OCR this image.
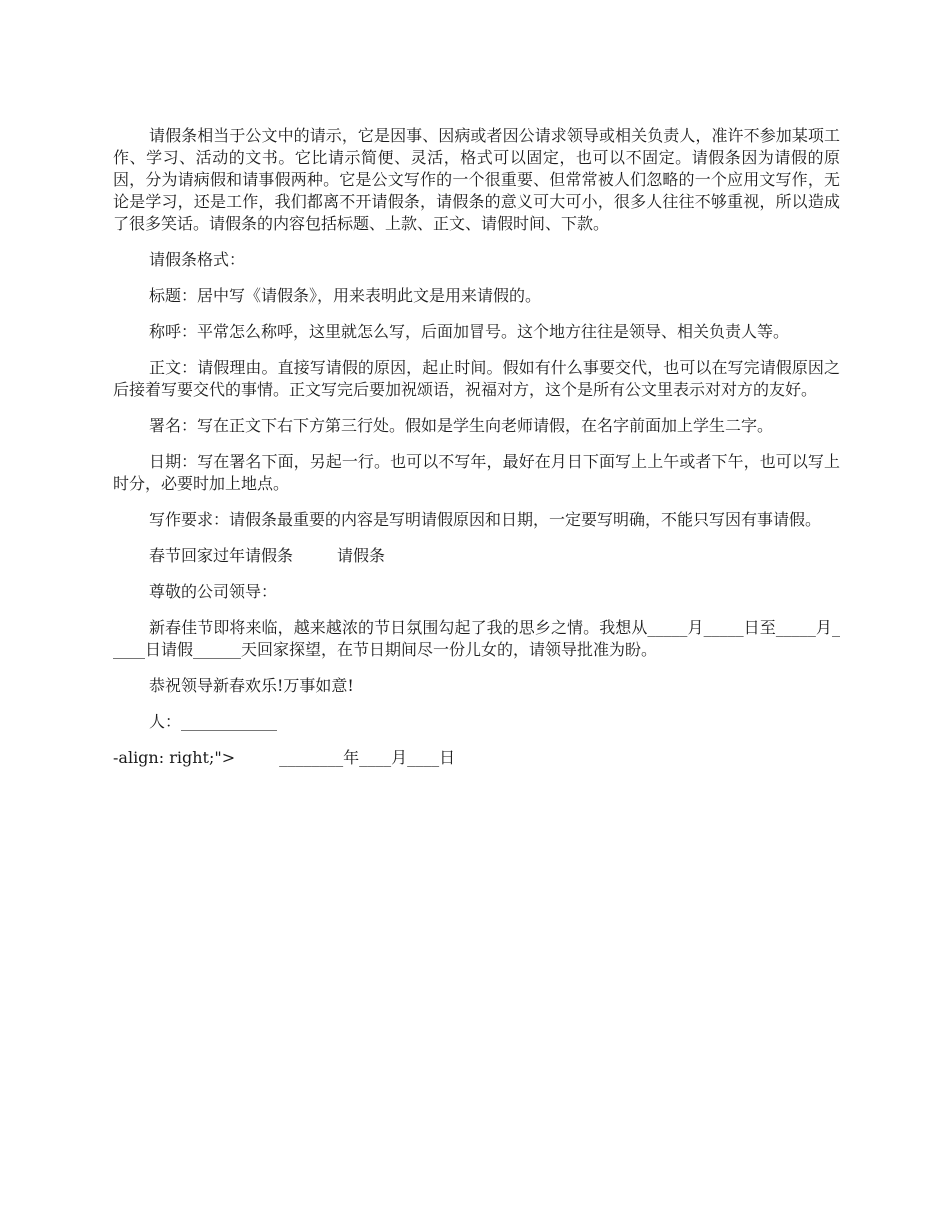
请假条相当于公文中的请示，它是因事、因病或者因公请求领导或相关负责人，准许不参加某项工作、学习、活动的文书。它比请示简便、灵活，格式可以固定，也可以不固定。请假条因为请假的原因，分为请病假和请事假两种。它是公文写作的一个很重要、但常常被人们忽略的一个应用文写作，无论是学习，还是工作，我们都离不开请假条，请假条的意义可大可小，很多人往往不够重视，所以造成了很多笑话。请假条的内容包括标题、上款、正文、请假时间、下款。

请假条格式：

标题：居中写《请假条》，用来表明此文是用来请假的。

称呼：平常怎么称呼，这里就怎么写，后面加冒号。这个地方往往是领导、相关负责人等。

正文：请假理由。直接写请假的原因，起止时间。假如有什么事要交代，也可以在写完请假原因之后接着写要交代的事情。正文写完后要加祝颂语，祝福对方，这个是所有公文里表示对对方的友好。

署名：写在正文下右下方第三行处。假如是学生向老师请假，在名字前面加上学生二字。

日期：写在署名下面，另起一行。也可以不写年，最好在月日下面写上上午或者下午，也可以写上时分，必要时加上地点。

写作要求：请假条最重要的内容是写明请假原因和日期，一定要写明确，不能只写因有事请假。

春节回家过年请假条	请假条

尊敬的公司领导：

新春佳节即将来临，越来越浓的节日氛围勾起了我的思乡之情。我想从_____月_____日至_____月_____日请假______天回家探望，在节日期间尽一份儿女的，请领导批准为盼。

恭祝领导新春欢乐!万事如意!

人：____________

-align: right;">	________年____月____日
